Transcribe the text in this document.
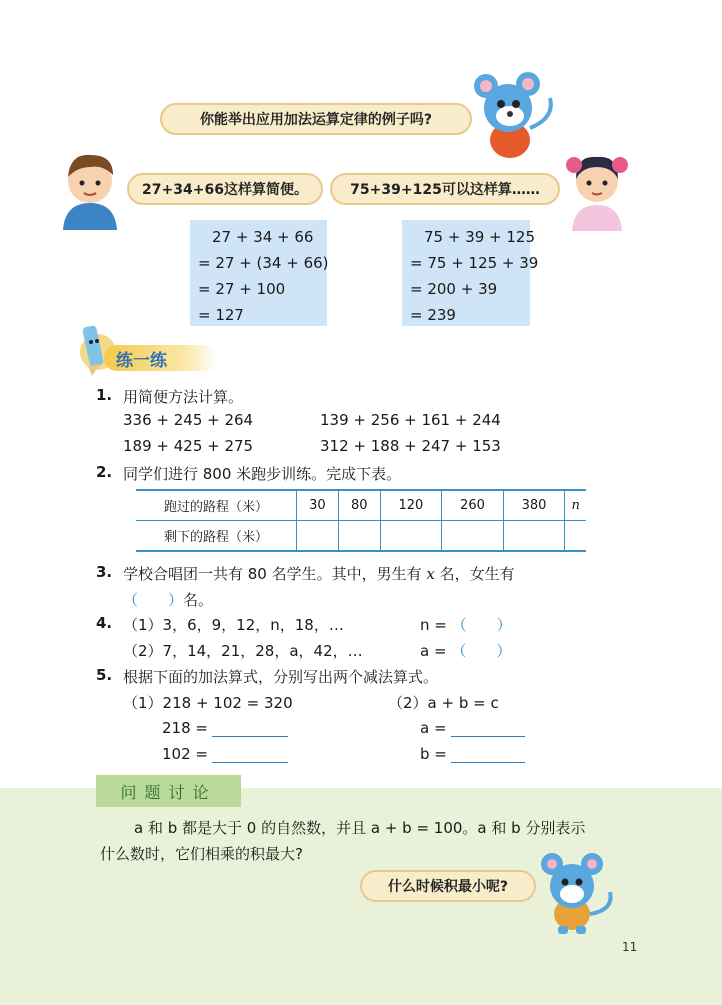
你能举出应用加法运算定律的例子吗?
27+34+66这样算简便。	75+39+125可以这样算……
27 + 34 + 66
= 27 + (34 + 66)
= 27 + 100
= 127
75 + 39 + 125
= 75 + 125 + 39
= 200 + 39
= 239
练一练
1. 用简便方法计算。
336 + 245 + 264	139 + 256 + 161 + 244
189 + 425 + 275	312 + 188 + 247 + 153
2. 同学们进行 800 米跑步训练。完成下表。
跑过的路程（米）	30	80	120	260	380	n
剩下的路程（米）						
3. 学校合唱团一共有 80 名学生。其中，男生有 x 名，女生有
（　　）名。
4. （1）3，6，9，12，n，18，…	n = （　　）
（2）7，14，21，28，a，42，…	a = （　　）
5. 根据下面的加法算式，分别写出两个减法算式。
（1）218 + 102 = 320	（2）a + b = c
218 =
102 =
a =
b =
问题讨论
a 和 b 都是大于 0 的自然数，并且 a + b = 100。a 和 b 分别表示
什么数时，它们相乘的积最大?
什么时候积最小呢?
11
